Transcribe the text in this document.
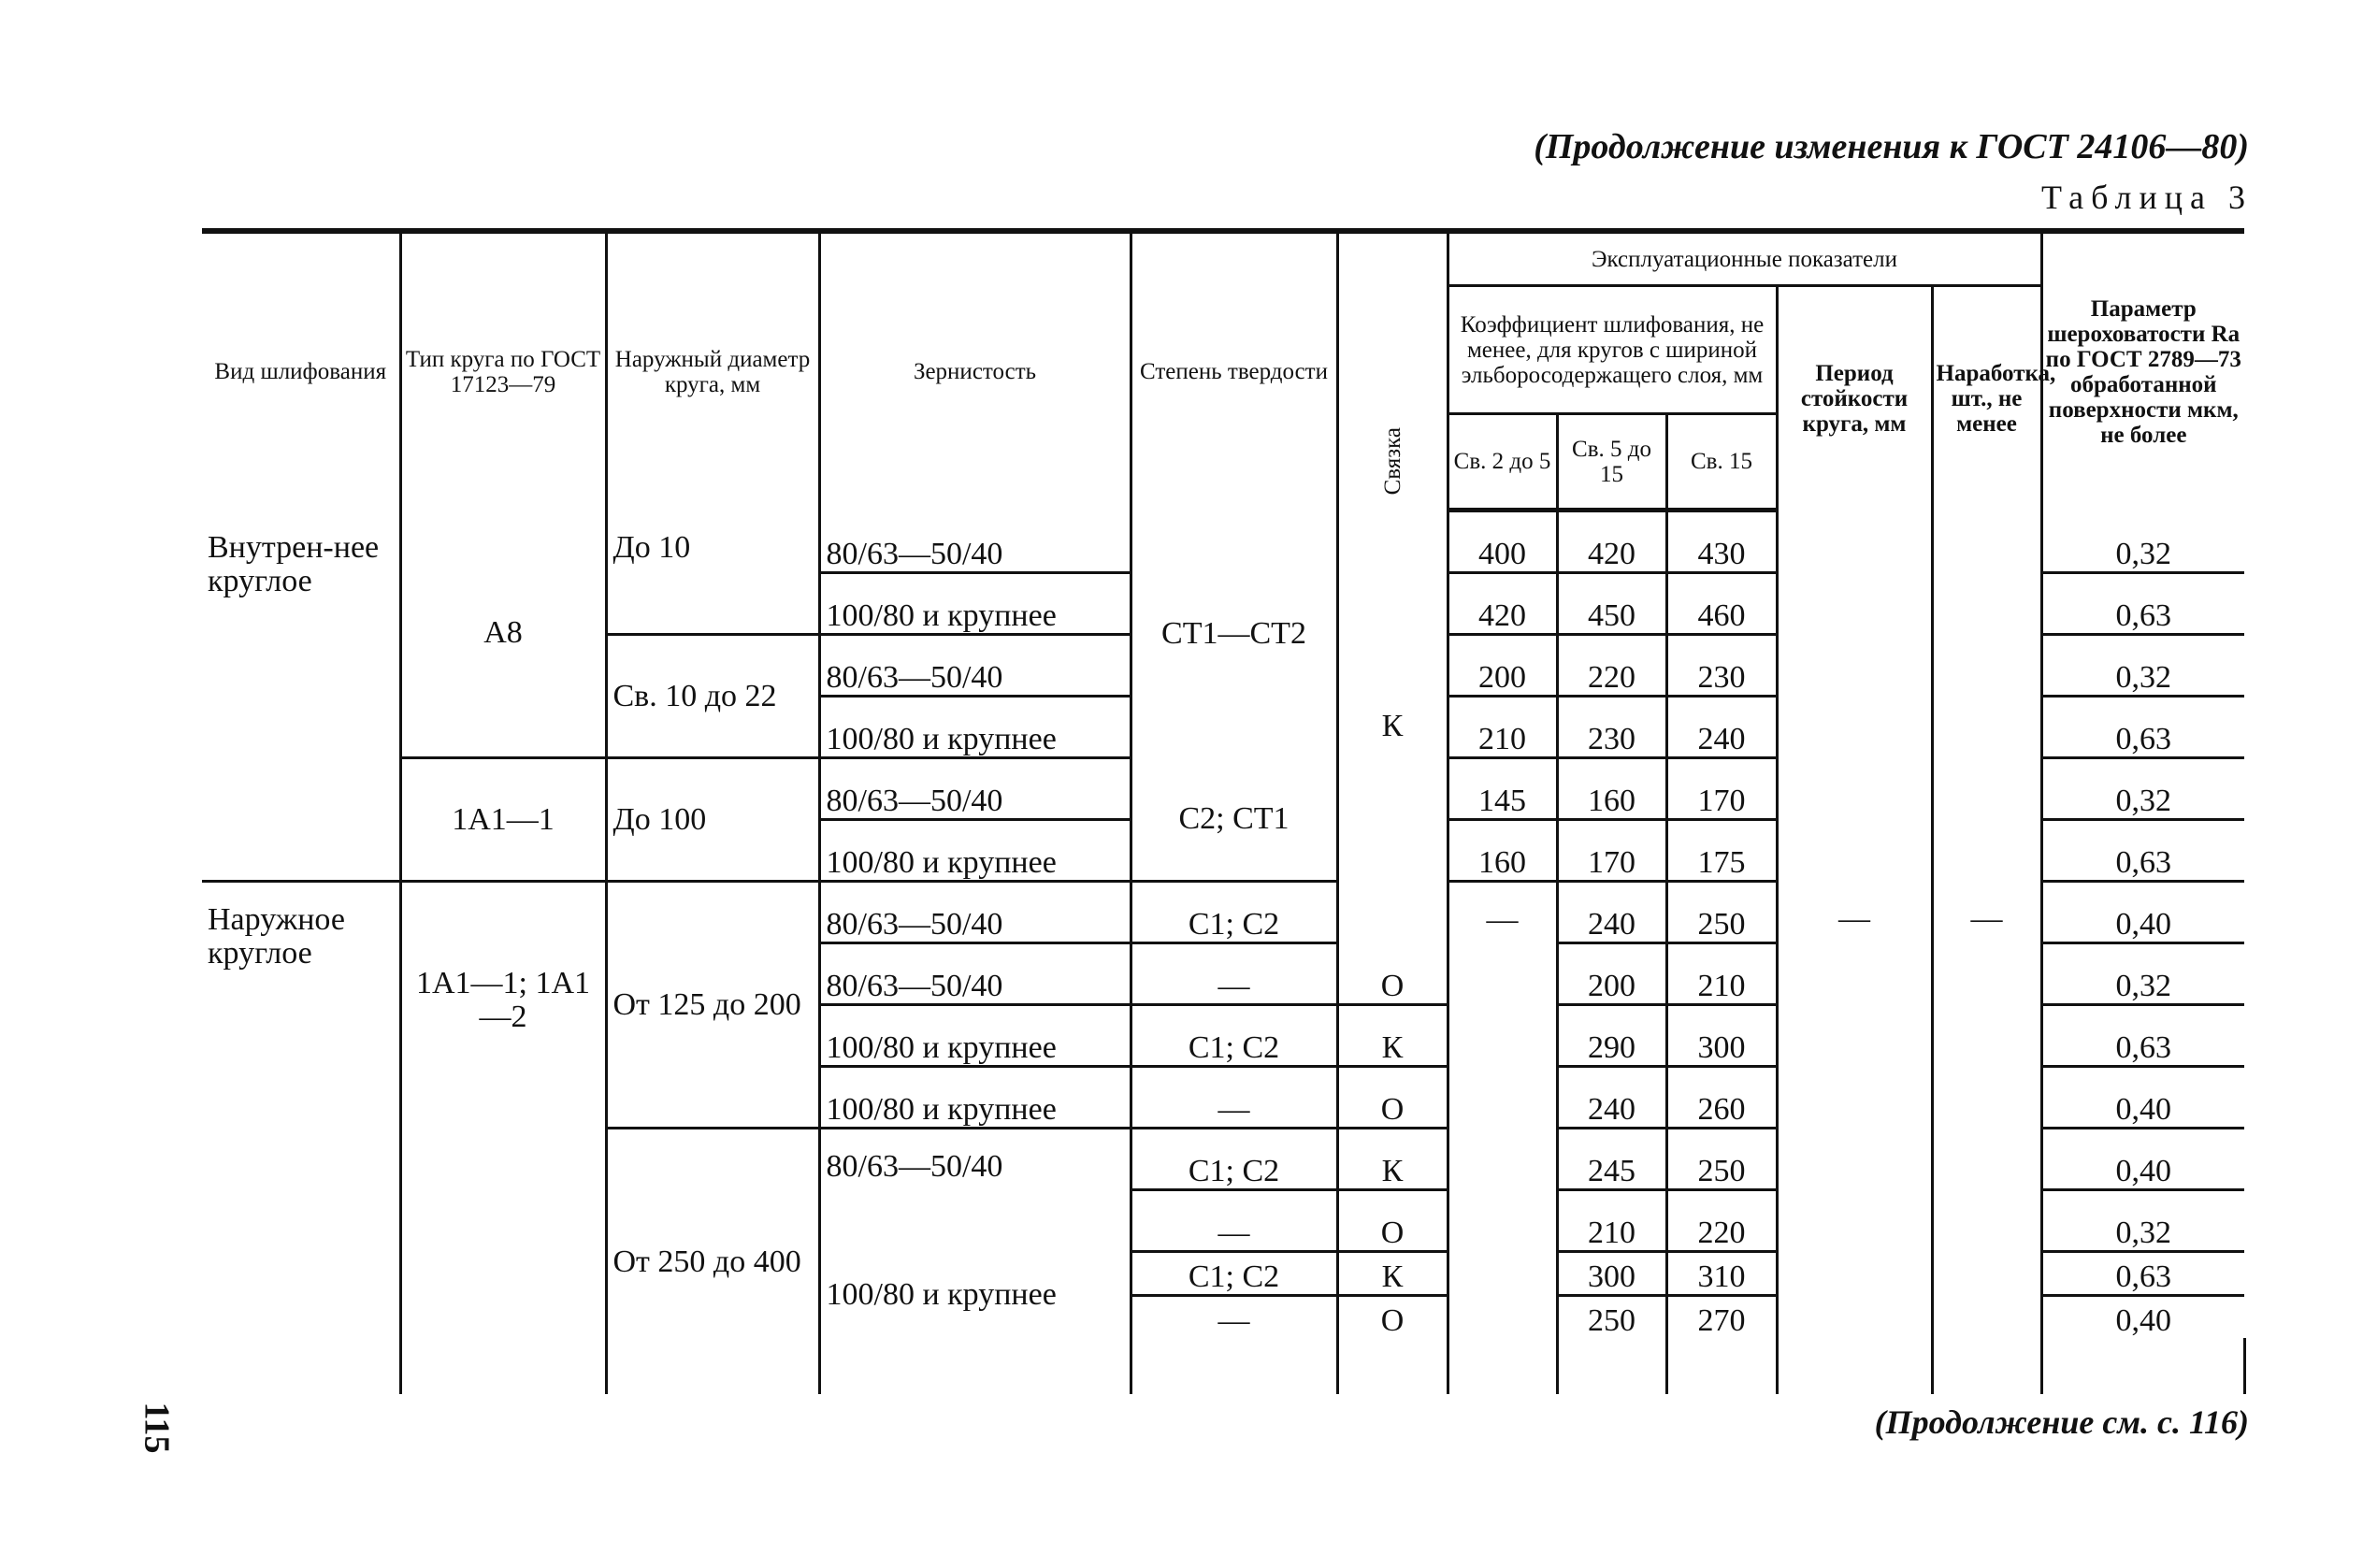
(Продолжение изменения к ГОСТ 24106—80)
Таблица 3
Вид шлифования	Тип круга по ГОСТ 17123—79	Наружный диаметр круга, мм	Зернистость	Степень твердости	Связка	Эксплуатационные показатели					Параметр шероховатости Ra по ГОСТ 2789—73 обработанной поверхности мкм, не более		
						Коэффициент шлифования, не менее, для кругов с шириной эльборосодержащего слоя, мм			Период стойкости круга, мм	Наработка, шт., не менее			
						Св. 2 до 5	Св. 5 до 15	Св. 15					
Внутрен-нее круглое	А8	До 10	80/63—50/40	СТ1—СТ2	К	400	420	430			0,32		
			100/80 и крупнее			420	450	460			0,63		
		Св. 10 до 22	80/63—50/40			200	220	230			0,32		
			100/80 и крупнее			210	230	240			0,63		
	1А1—1	До 100	80/63—50/40	С2; СТ1		145	160	170			0,32		
			100/80 и крупнее			160	170	175			0,63		
Наружное круглое	1А1—1; 1А1—2	От 125 до 200	80/63—50/40	С1; С2		—	240	250	—	—	0,40		
			80/63—50/40	—	О		200	210			0,32		
			100/80 и крупнее	С1; С2	К		290	300			0,63		
			100/80 и крупнее	—	О		240	260			0,40		
		От 250 до 400	80/63—50/40	С1; С2	К		245	250			0,40		
				—	О		210	220			0,32		
			100/80 и крупнее	С1; С2	К		300	310			0,63		
				—	О		250	270			0,40		

(Продолжение см. с. 116)
115
